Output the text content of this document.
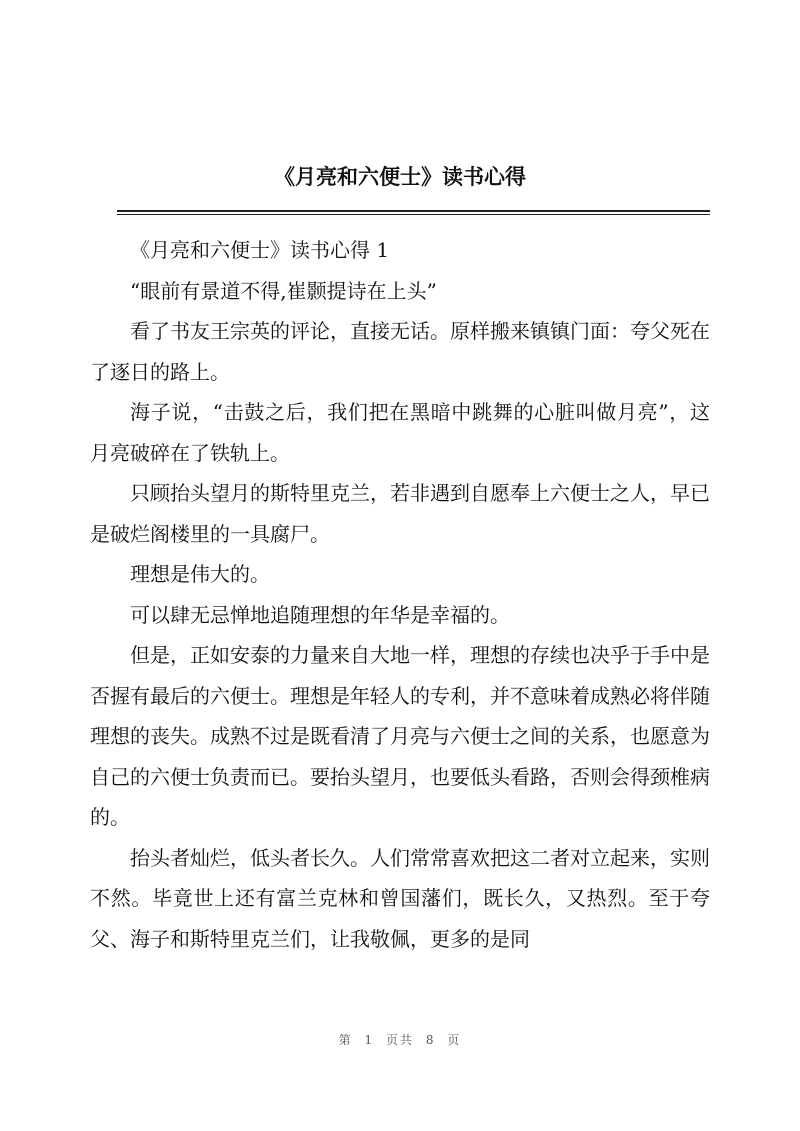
《月亮和六便士》读书心得

《月亮和六便士》读书心得 1

“眼前有景道不得,崔颢提诗在上头”

看了书友王宗英的评论，直接无话。原样搬来镇镇门面：夸父死在了逐日的路上。

海子说，“击鼓之后，我们把在黑暗中跳舞的心脏叫做月亮”，这月亮破碎在了铁轨上。

只顾抬头望月的斯特里克兰，若非遇到自愿奉上六便士之人，早已是破烂阁楼里的一具腐尸。

理想是伟大的。

可以肆无忌惮地追随理想的年华是幸福的。

但是，正如安泰的力量来自大地一样，理想的存续也决乎于手中是否握有最后的六便士。理想是年轻人的专利，并不意味着成熟必将伴随理想的丧失。成熟不过是既看清了月亮与六便士之间的关系，也愿意为自己的六便士负责而已。要抬头望月，也要低头看路，否则会得颈椎病的。

抬头者灿烂，低头者长久。人们常常喜欢把这二者对立起来，实则不然。毕竟世上还有富兰克林和曾国藩们，既长久，又热烈。至于夸父、海子和斯特里克兰们，让我敬佩，更多的是同

第 1 页共 8 页
